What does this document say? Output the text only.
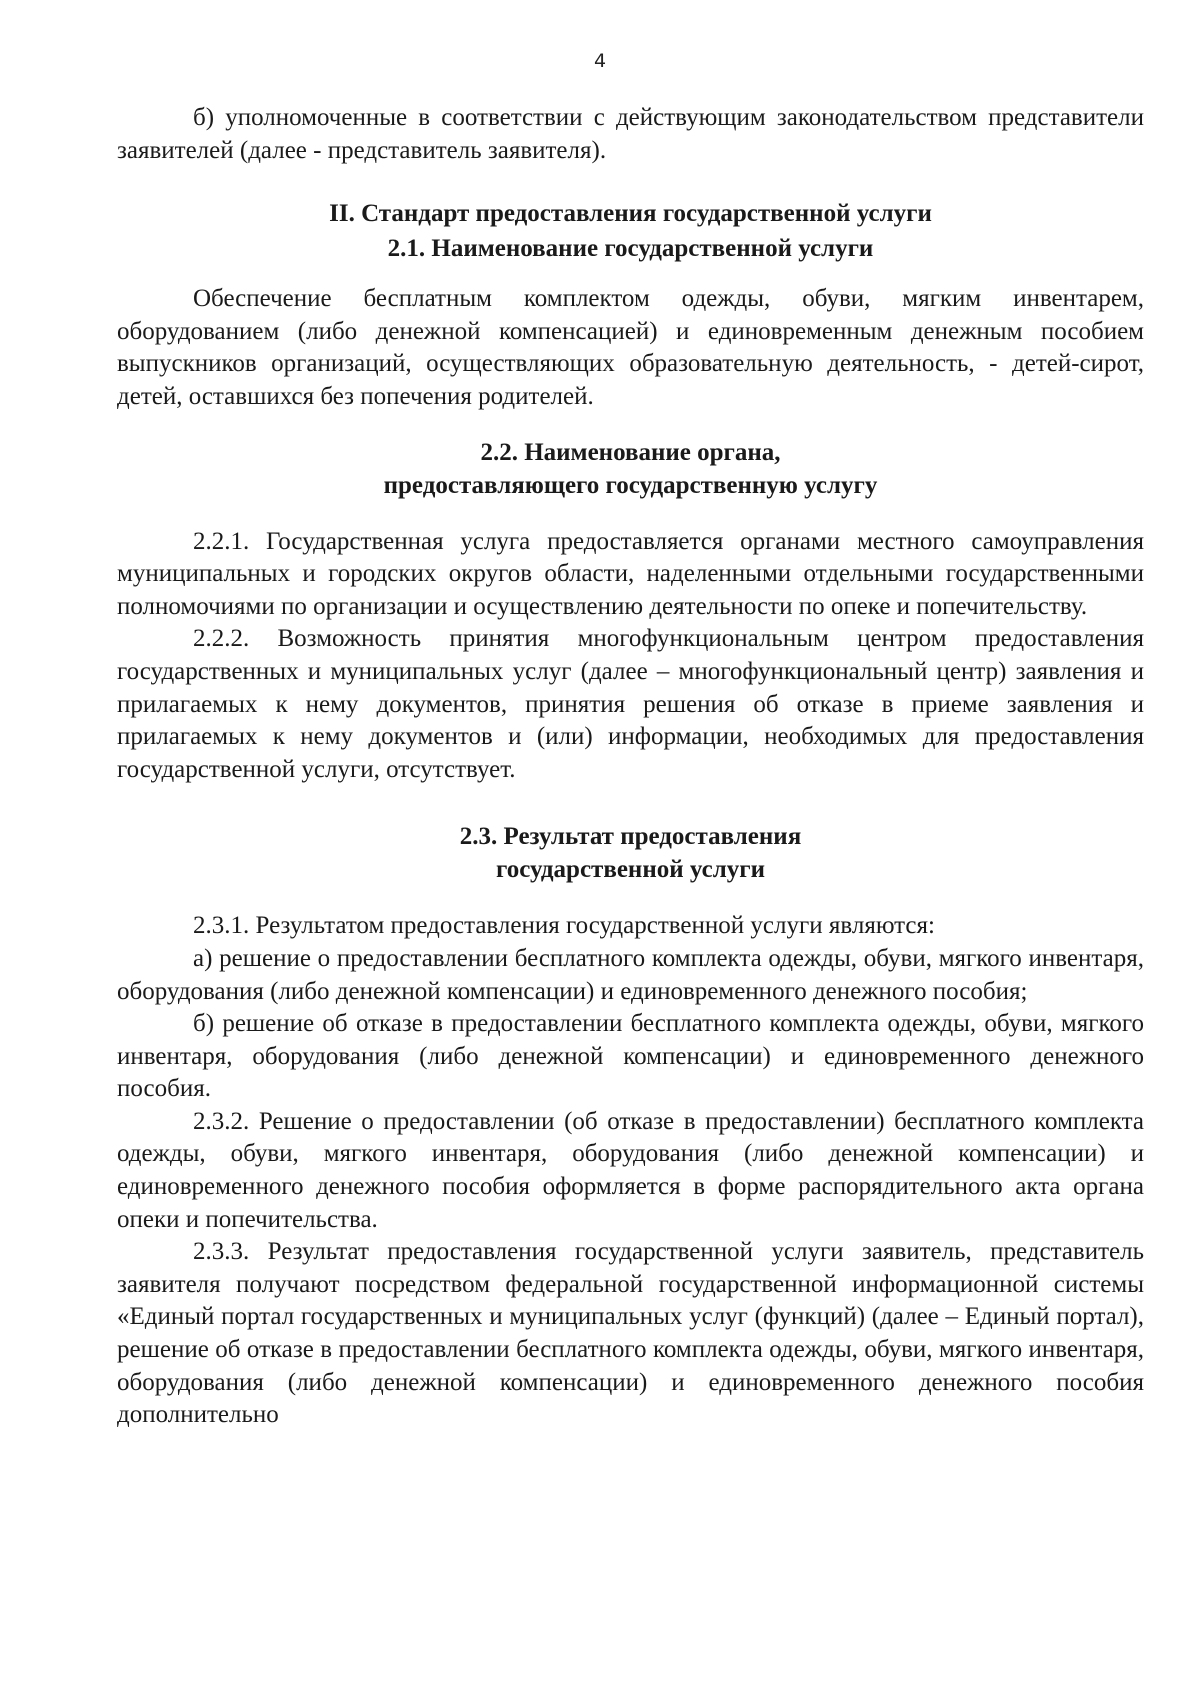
4

б) уполномоченные в соответствии с действующим законодательством представители заявителей (далее - представитель заявителя).

II. Стандарт предоставления государственной услуги
2.1. Наименование государственной услуги

Обеспечение бесплатным комплектом одежды, обуви, мягким инвентарем, оборудованием (либо денежной компенсацией) и единовременным денежным пособием выпускников организаций, осуществляющих образовательную деятельность, - детей-сирот, детей, оставшихся без попечения родителей.

2.2. Наименование органа,
предоставляющего государственную услугу

2.2.1. Государственная услуга предоставляется органами местного самоуправления муниципальных и городских округов области, наделенными отдельными государственными полномочиями по организации и осуществлению деятельности по опеке и попечительству.

2.2.2. Возможность принятия многофункциональным центром предоставления государственных и муниципальных услуг (далее – многофункциональный центр) заявления и прилагаемых к нему документов, принятия решения об отказе в приеме заявления и прилагаемых к нему документов и (или) информации, необходимых для предоставления государственной услуги, отсутствует.

2.3. Результат предоставления
государственной услуги

2.3.1. Результатом предоставления государственной услуги являются:

а) решение о предоставлении бесплатного комплекта одежды, обуви, мягкого инвентаря, оборудования (либо денежной компенсации) и единовременного денежного пособия;

б) решение об отказе в предоставлении бесплатного комплекта одежды, обуви, мягкого инвентаря, оборудования (либо денежной компенсации) и единовременного денежного пособия.

2.3.2. Решение о предоставлении (об отказе в предоставлении) бесплатного комплекта одежды, обуви, мягкого инвентаря, оборудования (либо денежной компенсации) и единовременного денежного пособия оформляется в форме распорядительного акта органа опеки и попечительства.

2.3.3. Результат предоставления государственной услуги заявитель, представитель заявителя получают посредством федеральной государственной информационной системы «Единый портал государственных и муниципальных услуг (функций) (далее – Единый портал), решение об отказе в предоставлении бесплатного комплекта одежды, обуви, мягкого инвентаря, оборудования (либо денежной компенсации) и единовременного денежного пособия дополнительно
